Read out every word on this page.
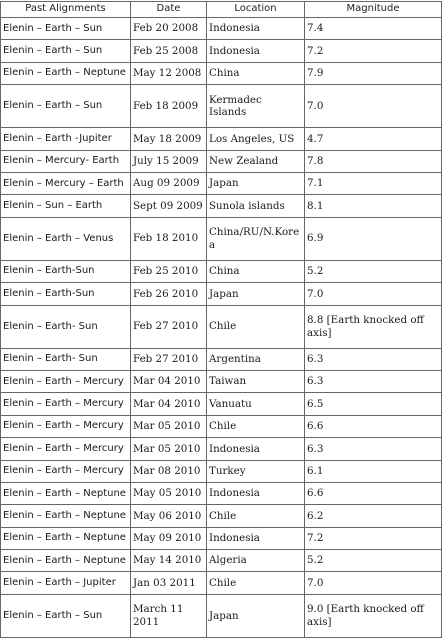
Past Alignments	Date	Location	Magnitude
Elenin – Earth – Sun	Feb 20 2008	Indonesia	7.4
Elenin – Earth – Sun	Feb 25 2008	Indonesia	7.2
Elenin – Earth – Neptune	May 12 2008	China	7.9
Elenin – Earth – Sun	Feb 18 2009	Kermadec Islands	7.0
Elenin – Earth -Jupiter	May 18 2009	Los Angeles, US	4.7
Elenin – Mercury- Earth	July 15 2009	New Zealand	7.8
Elenin – Mercury – Earth	Aug 09 2009	Japan	7.1
Elenin – Sun – Earth	Sept 09 2009	Sunola islands	8.1
Elenin – Earth – Venus	Feb 18 2010	China/RU/N.Korea	6.9
Elenin – Earth-Sun	Feb 25 2010	China	5.2
Elenin – Earth-Sun	Feb 26 2010	Japan	7.0
Elenin – Earth- Sun	Feb 27 2010	Chile	8.8 [Earth knocked off axis]
Elenin – Earth- Sun	Feb 27 2010	Argentina	6.3
Elenin – Earth – Mercury	Mar 04 2010	Taiwan	6.3
Elenin – Earth – Mercury	Mar 04 2010	Vanuatu	6.5
Elenin – Earth – Mercury	Mar 05 2010	Chile	6.6
Elenin – Earth – Mercury	Mar 05 2010	Indonesia	6.3
Elenin – Earth – Mercury	Mar 08 2010	Turkey	6.1
Elenin – Earth – Neptune	May 05 2010	Indonesia	6.6
Elenin – Earth – Neptune	May 06 2010	Chile	6.2
Elenin – Earth – Neptune	May 09 2010	Indonesia	7.2
Elenin – Earth – Neptune	May 14 2010	Algeria	5.2
Elenin – Earth – Jupiter	Jan 03 2011	Chile	7.0
Elenin – Earth – Sun	March 11 2011	Japan	9.0 [Earth knocked off axis]
